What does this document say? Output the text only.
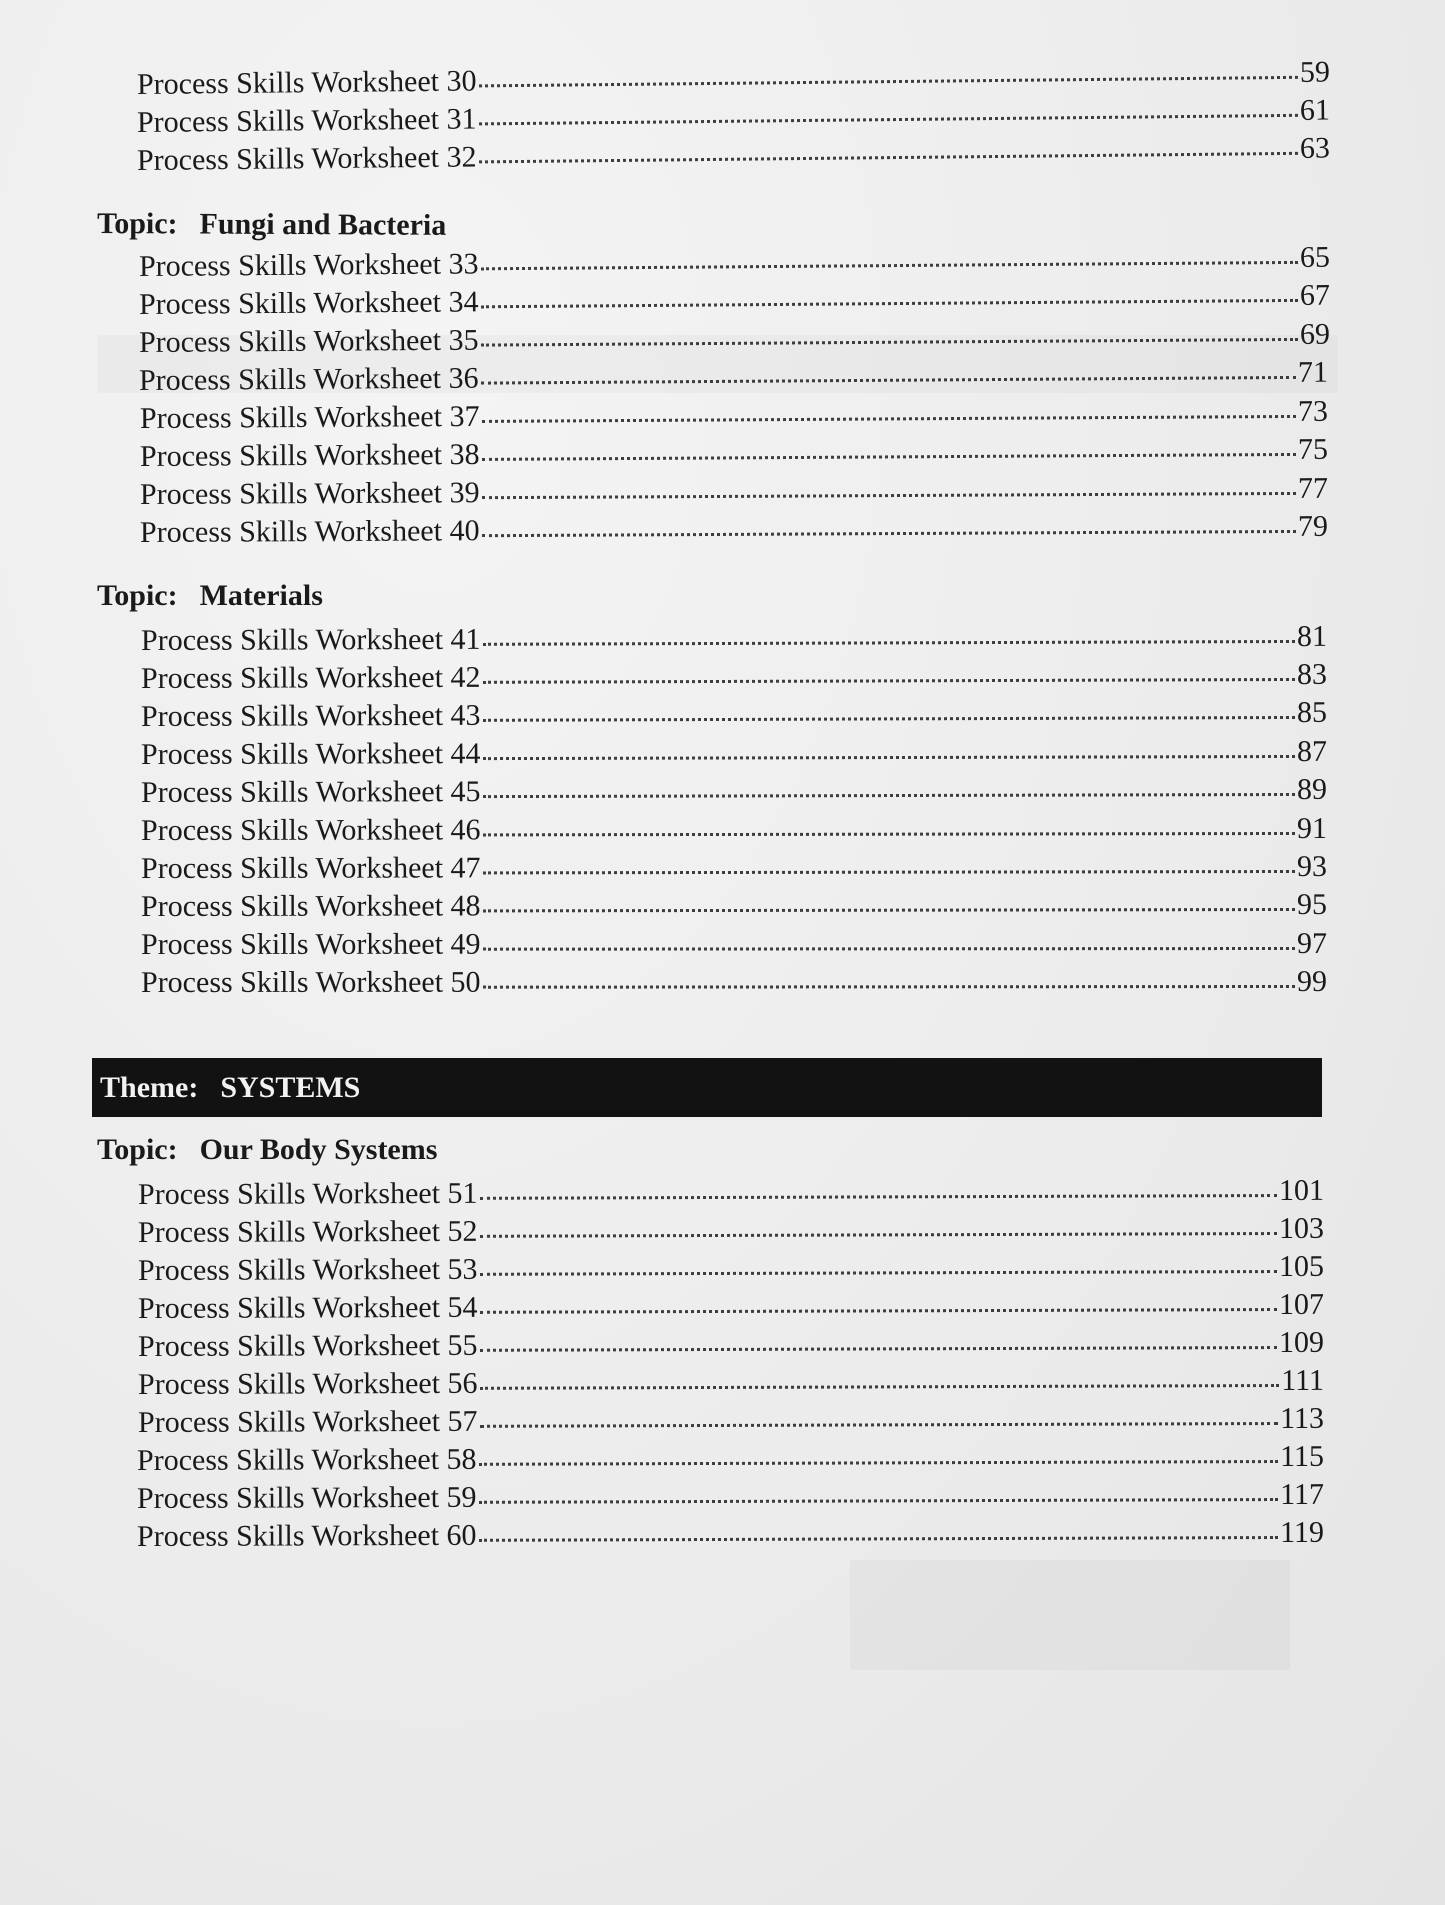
Process Skills Worksheet 30	59
Process Skills Worksheet 31	61
Process Skills Worksheet 32	63
Topic: Fungi and Bacteria
Process Skills Worksheet 33	65
Process Skills Worksheet 34	67
Process Skills Worksheet 35	69
Process Skills Worksheet 36	71
Process Skills Worksheet 37	73
Process Skills Worksheet 38	75
Process Skills Worksheet 39	77
Process Skills Worksheet 40	79
Topic: Materials
Process Skills Worksheet 41	81
Process Skills Worksheet 42	83
Process Skills Worksheet 43	85
Process Skills Worksheet 44	87
Process Skills Worksheet 45	89
Process Skills Worksheet 46	91
Process Skills Worksheet 47	93
Process Skills Worksheet 48	95
Process Skills Worksheet 49	97
Process Skills Worksheet 50	99
Theme: SYSTEMS
Topic: Our Body Systems
Process Skills Worksheet 51	101
Process Skills Worksheet 52	103
Process Skills Worksheet 53	105
Process Skills Worksheet 54	107
Process Skills Worksheet 55	109
Process Skills Worksheet 56	111
Process Skills Worksheet 57	113
Process Skills Worksheet 58	115
Process Skills Worksheet 59	117
Process Skills Worksheet 60	119
